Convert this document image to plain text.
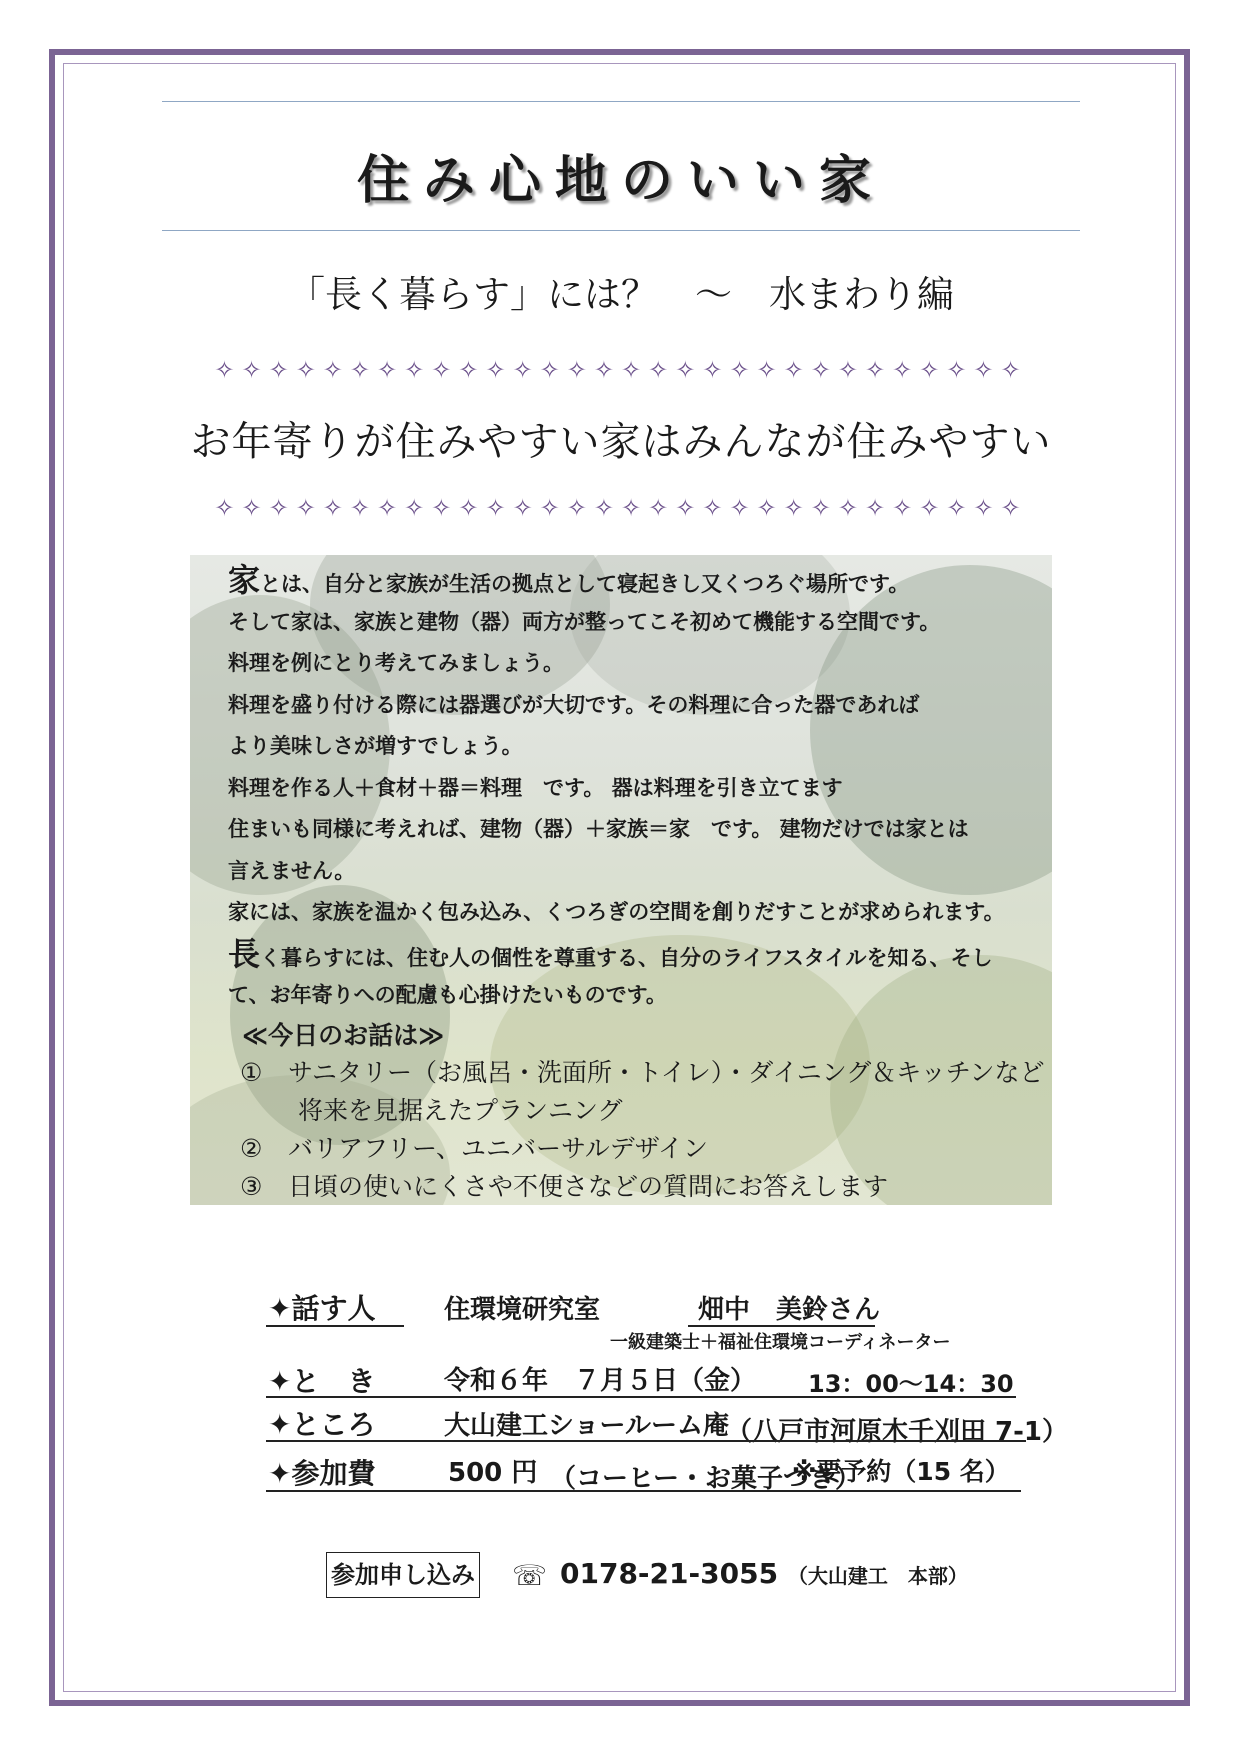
住み心地のいい家
「長く暮らす」には？　～　水まわり編
✧✧✧✧✧✧✧✧✧✧✧✧✧✧✧✧✧✧✧✧✧✧✧✧✧✧✧✧✧✧
お年寄りが住みやすい家はみんなが住みやすい
✧✧✧✧✧✧✧✧✧✧✧✧✧✧✧✧✧✧✧✧✧✧✧✧✧✧✧✧✧✧
家とは、自分と家族が生活の拠点として寝起きし又くつろぐ場所です。
そして家は、家族と建物（器）両方が整ってこそ初めて機能する空間です。
料理を例にとり考えてみましょう。
料理を盛り付ける際には器選びが大切です。その料理に合った器であれば
より美味しさが増すでしょう。
料理を作る人＋食材＋器＝料理　です。 器は料理を引き立てます
住まいも同様に考えれば、建物（器）＋家族＝家　です。 建物だけでは家とは
言えません。
家には、家族を温かく包み込み、くつろぎの空間を創りだすことが求められます。
長く暮らすには、住む人の個性を尊重する、自分のライフスタイルを知る、そし
て、お年寄りへの配慮も心掛けたいものです。
≪今日のお話は≫
① サニタリー（お風呂・洗面所・トイレ）・ダイニング＆キッチンなど
将来を見据えたプランニング
② バリアフリー、ユニバーサルデザイン
③ 日頃の使いにくさや不便さなどの質問にお答えします
✦話す人	住環境研究室	畑中　美鈴さん
一級建築士＋福祉住環境コーディネーター
✦と　き	令和６年　７月５日（金） 13：00～14：30
✦ところ	大山建工ショールーム庵
（八戸市河原木千刈田 7-1）
✦参加費	500 円 （コーヒー・お菓子つき）
※要予約（15 名）
参加申し込み ☏ 0178-21-3055 （大山建工　本部）
